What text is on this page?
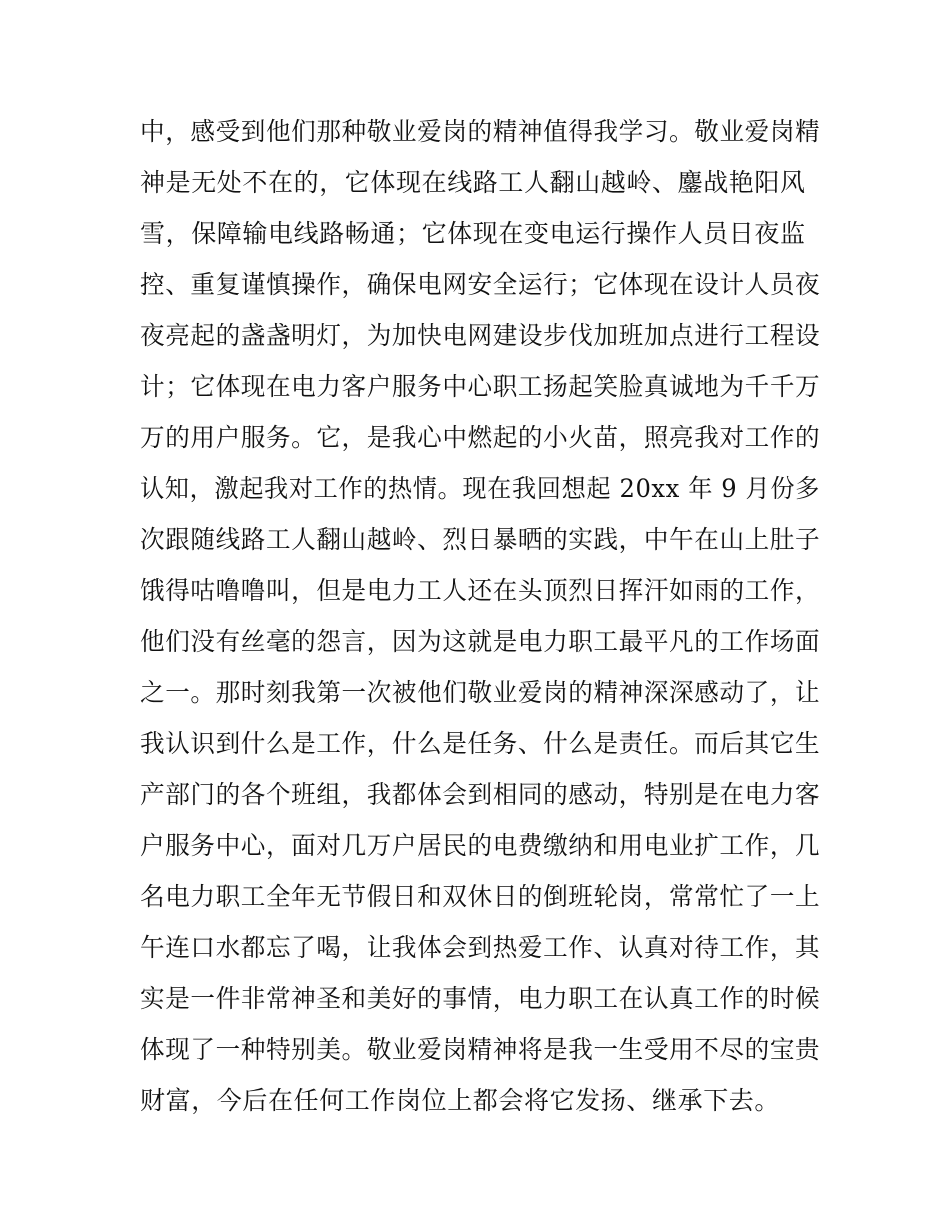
中，感受到他们那种敬业爱岗的精神值得我学习。敬业爱岗精
神是无处不在的，它体现在线路工人翻山越岭、鏖战艳阳风
雪，保障输电线路畅通；它体现在变电运行操作人员日夜监
控、重复谨慎操作，确保电网安全运行；它体现在设计人员夜
夜亮起的盏盏明灯，为加快电网建设步伐加班加点进行工程设
计；它体现在电力客户服务中心职工扬起笑脸真诚地为千千万
万的用户服务。它，是我心中燃起的小火苗，照亮我对工作的
认知，激起我对工作的热情。现在我回想起 20xx 年 9 月份多
次跟随线路工人翻山越岭、烈日暴晒的实践，中午在山上肚子
饿得咕噜噜叫，但是电力工人还在头顶烈日挥汗如雨的工作，
他们没有丝毫的怨言，因为这就是电力职工最平凡的工作场面
之一。那时刻我第一次被他们敬业爱岗的精神深深感动了，让
我认识到什么是工作，什么是任务、什么是责任。而后其它生
产部门的各个班组，我都体会到相同的感动，特别是在电力客
户服务中心，面对几万户居民的电费缴纳和用电业扩工作，几
名电力职工全年无节假日和双休日的倒班轮岗，常常忙了一上
午连口水都忘了喝，让我体会到热爱工作、认真对待工作，其
实是一件非常神圣和美好的事情，电力职工在认真工作的时候
体现了一种特别美。敬业爱岗精神将是我一生受用不尽的宝贵
财富，今后在任何工作岗位上都会将它发扬、继承下去。
